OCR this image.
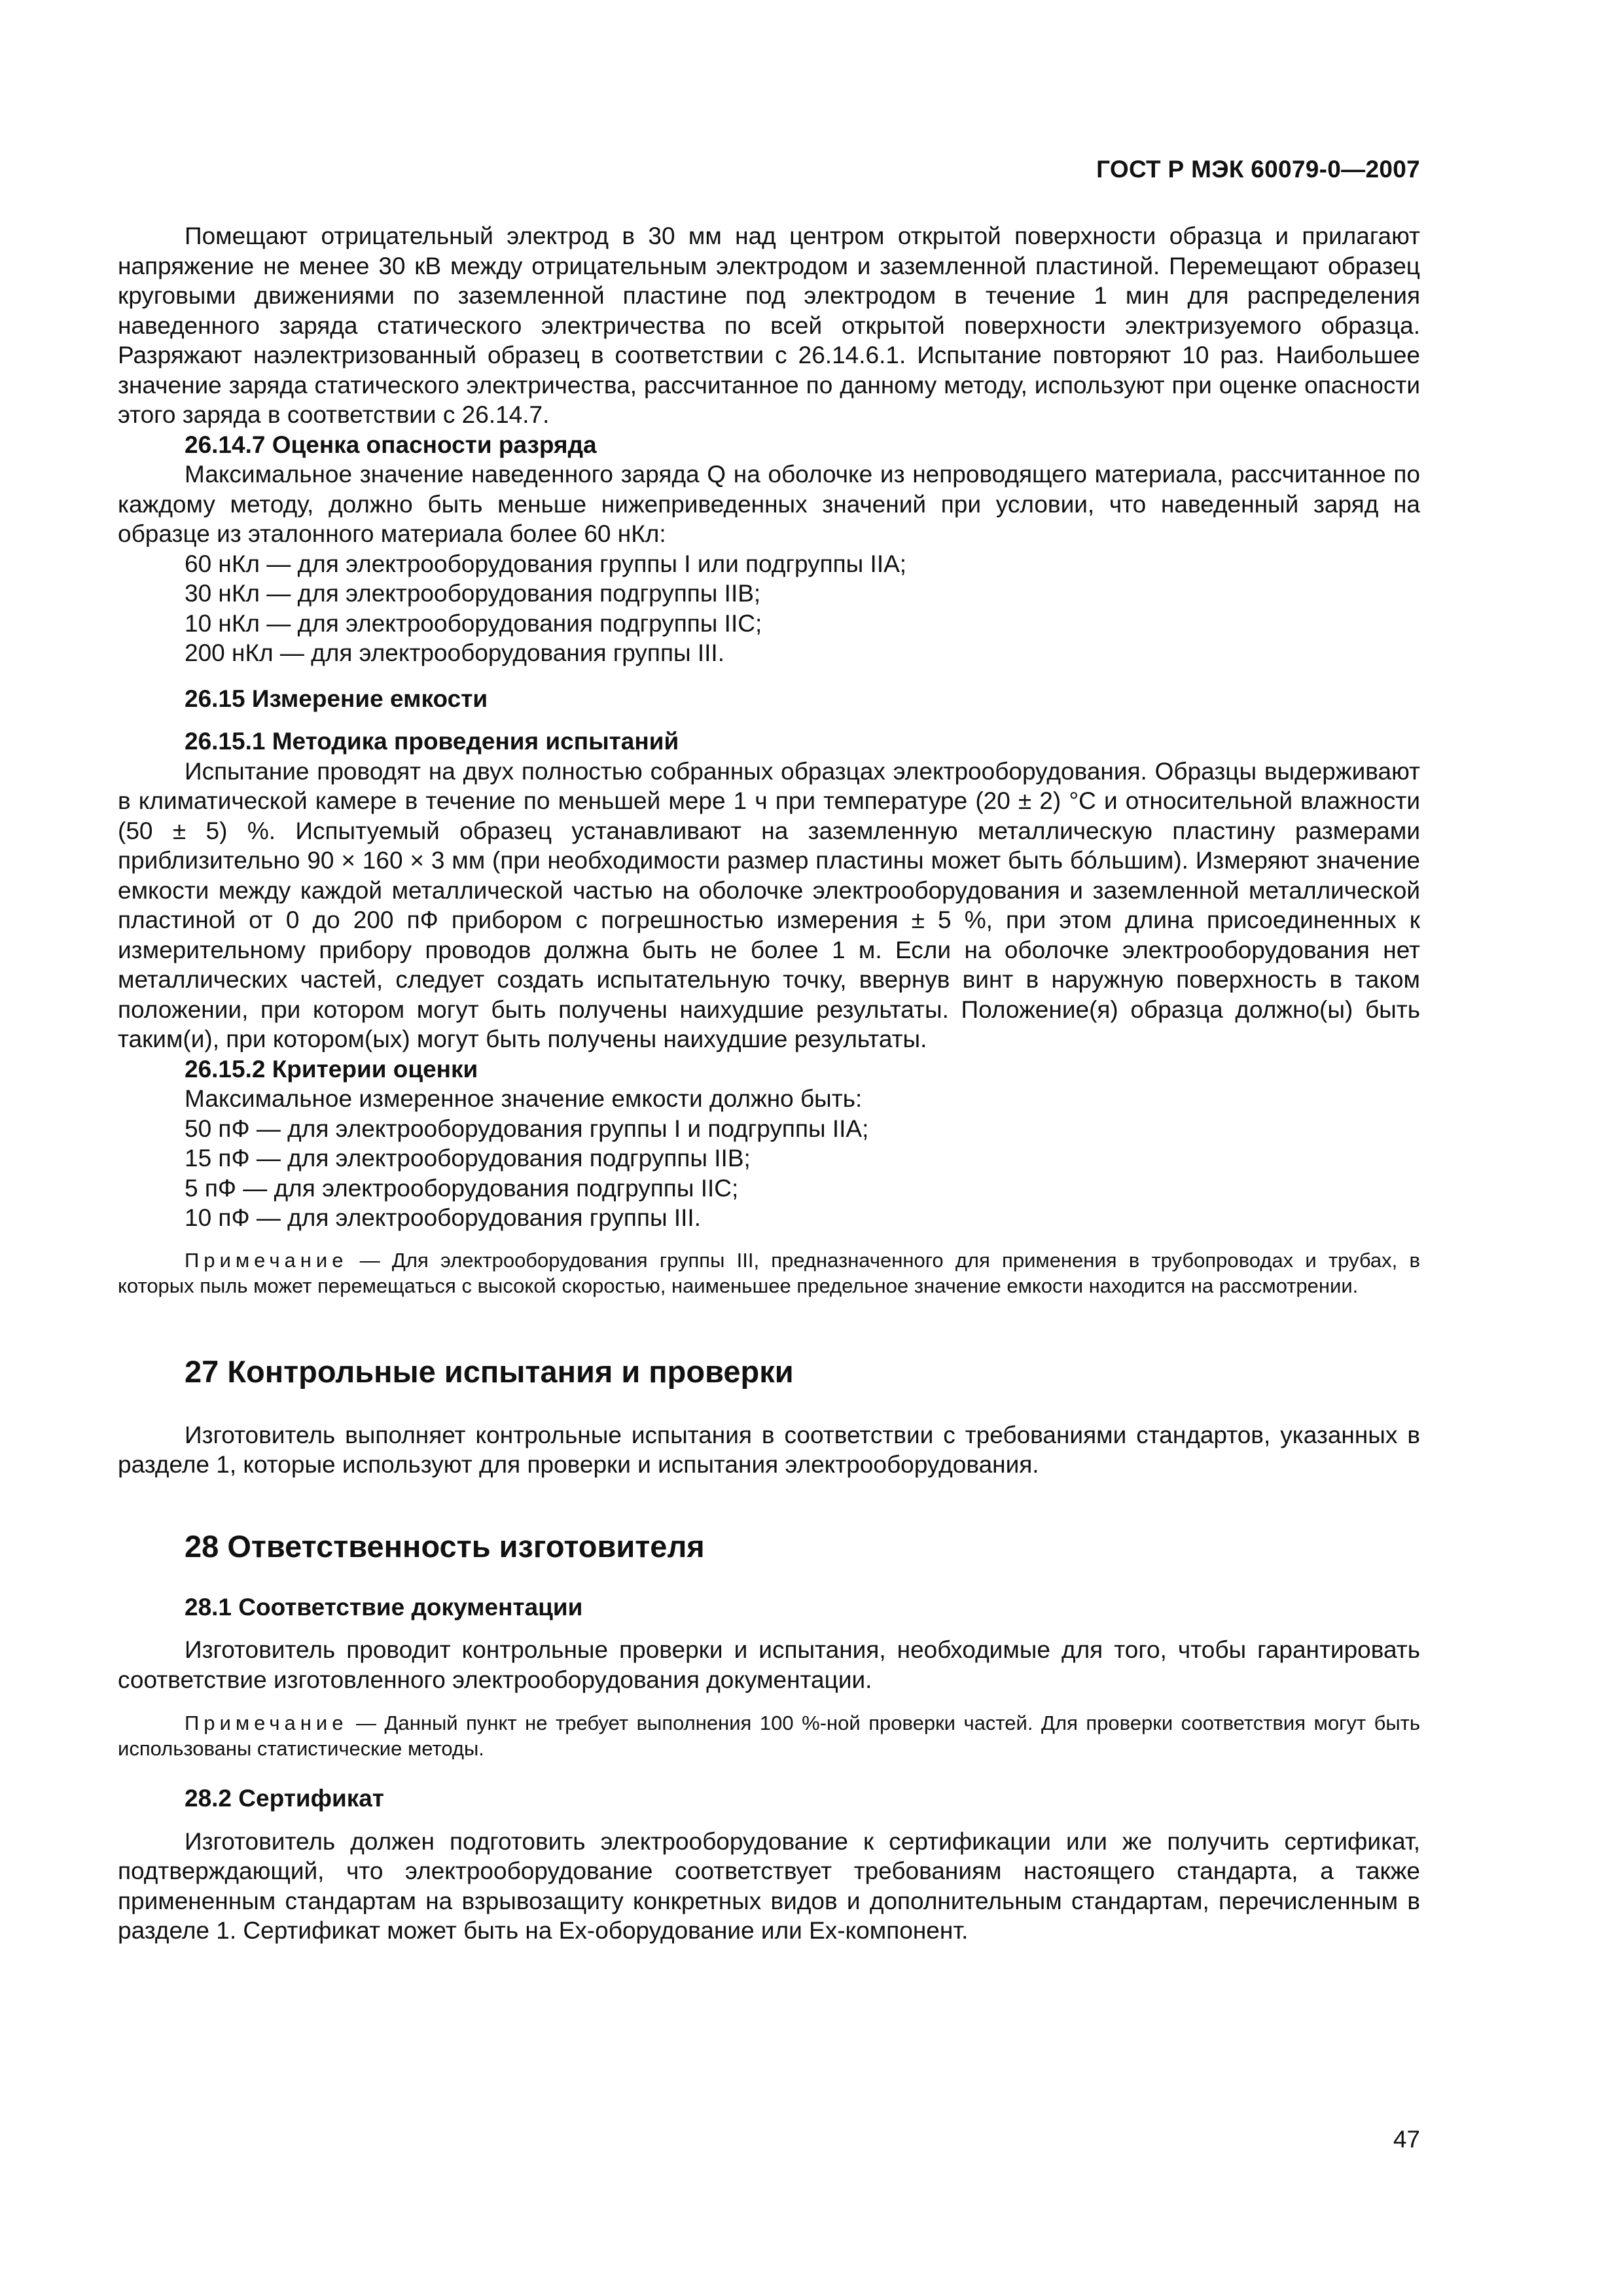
ГОСТ Р МЭК 60079-0—2007

Помещают отрицательный электрод в 30 мм над центром открытой поверхности образца и прилагают напряжение не менее 30 кВ между отрицательным электродом и заземленной пластиной. Перемещают образец круговыми движениями по заземленной пластине под электродом в течение 1 мин для распределения наведенного заряда статического электричества по всей открытой поверхности электризуемого образца. Разряжают наэлектризованный образец в соответствии с 26.14.6.1. Испытание повторяют 10 раз. Наибольшее значение заряда статического электричества, рассчитанное по данному методу, используют при оценке опасности этого заряда в соответствии с 26.14.7.

26.14.7 Оценка опасности разряда

Максимальное значение наведенного заряда Q на оболочке из непроводящего материала, рассчитанное по каждому методу, должно быть меньше нижеприведенных значений при условии, что наведенный заряд на образце из эталонного материала более 60 нКл:

60 нКл — для электрооборудования группы I или подгруппы IIА;

30 нКл — для электрооборудования подгруппы IIВ;

10 нКл — для электрооборудования подгруппы IIС;

200 нКл — для электрооборудования группы III.

26.15 Измерение емкости

26.15.1 Методика проведения испытаний

Испытание проводят на двух полностью собранных образцах электрооборудования. Образцы выдерживают в климатической камере в течение по меньшей мере 1 ч при температуре (20 ± 2) °С и относительной влажности (50 ± 5) %. Испытуемый образец устанавливают на заземленную металлическую пластину размерами приблизительно 90 × 160 × 3 мм (при необходимости размер пластины может быть бóльшим). Измеряют значение емкости между каждой металлической частью на оболочке электрооборудования и заземленной металлической пластиной от 0 до 200 пФ прибором с погрешностью измерения ± 5 %, при этом длина присоединенных к измерительному прибору проводов должна быть не более 1 м. Если на оболочке электрооборудования нет металлических частей, следует создать испытательную точку, ввернув винт в наружную поверхность в таком положении, при котором могут быть получены наихудшие результаты. Положение(я) образца должно(ы) быть таким(и), при котором(ых) могут быть получены наихудшие результаты.

26.15.2 Критерии оценки

Максимальное измеренное значение емкости должно быть:

50 пФ — для электрооборудования группы I и подгруппы IIА;

15 пФ — для электрооборудования подгруппы IIВ;

5 пФ — для электрооборудования подгруппы IIС;

10 пФ — для электрооборудования группы III.

Примечание — Для электрооборудования группы III, предназначенного для применения в трубопроводах и трубах, в которых пыль может перемещаться с высокой скоростью, наименьшее предельное значение емкости находится на рассмотрении.

27 Контрольные испытания и проверки

Изготовитель выполняет контрольные испытания в соответствии с требованиями стандартов, указанных в разделе 1, которые используют для проверки и испытания электрооборудования.

28 Ответственность изготовителя

28.1 Соответствие документации

Изготовитель проводит контрольные проверки и испытания, необходимые для того, чтобы гарантировать соответствие изготовленного электрооборудования документации.

Примечание — Данный пункт не требует выполнения 100 %-ной проверки частей. Для проверки соответствия могут быть использованы статистические методы.

28.2 Сертификат

Изготовитель должен подготовить электрооборудование к сертификации или же получить сертификат, подтверждающий, что электрооборудование соответствует требованиям настоящего стандарта, а также примененным стандартам на взрывозащиту конкретных видов и дополнительным стандартам, перечисленным в разделе 1. Сертификат может быть на Ex-оборудование или Ex-компонент.

47
